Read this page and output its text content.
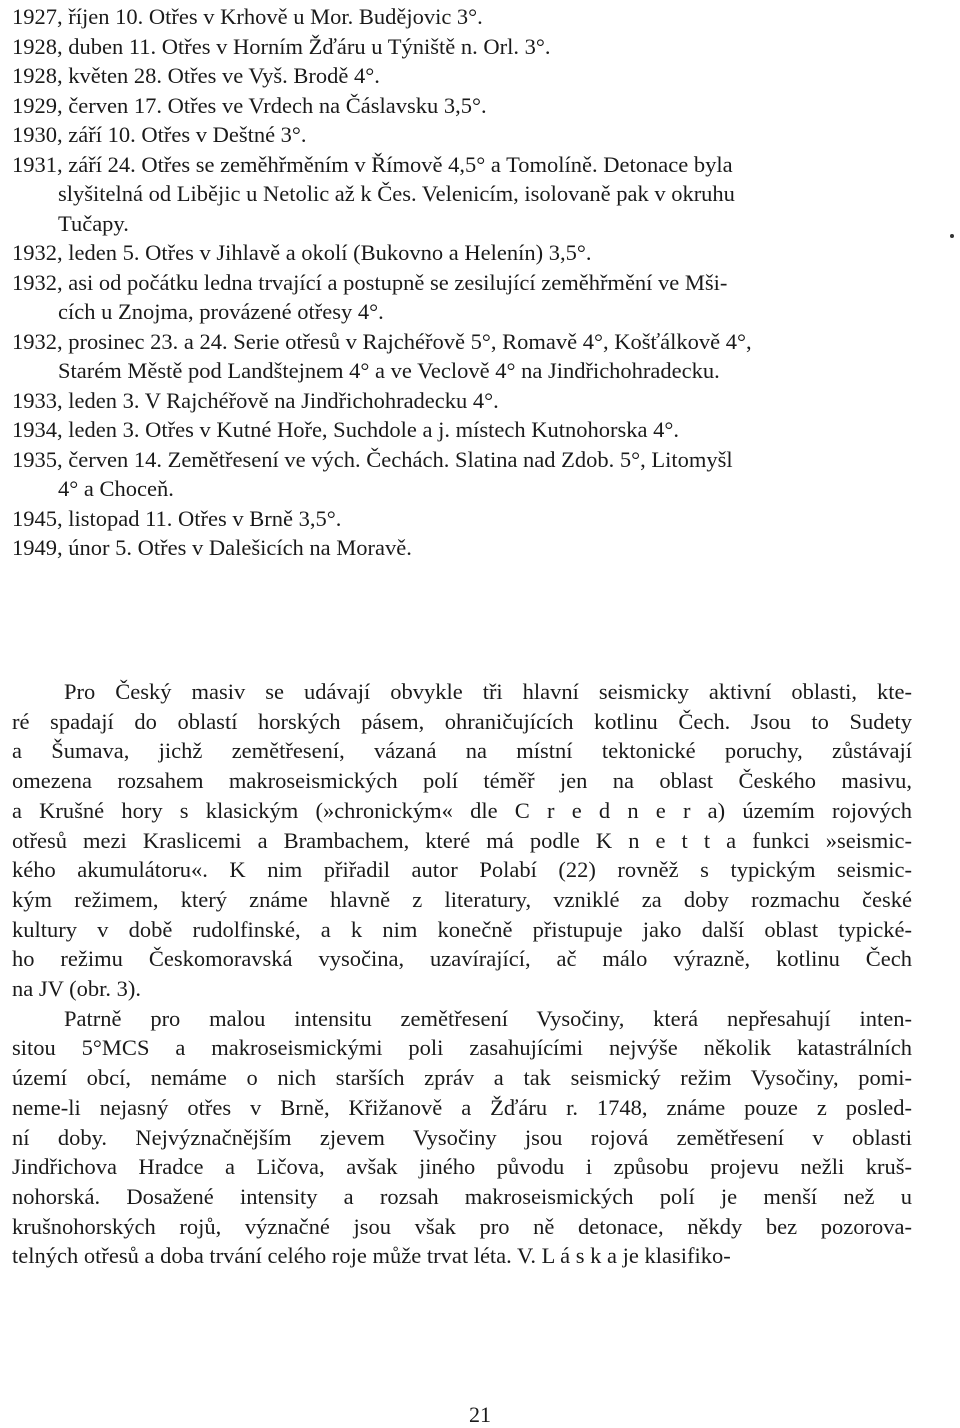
1927, říjen 10. Otřes v Krhově u Mor. Budějovic 3°.

1928, duben 11. Otřes v Horním Žďáru u Týniště n. Orl. 3°.

1928, květen 28. Otřes ve Vyš. Brodě 4°.

1929, červen 17. Otřes ve Vrdech na Čáslavsku 3,5°.

1930, září 10. Otřes v Deštné 3°.

1931, září 24. Otřes se zeměhřměním v Římově 4,5° a Tomolíně. Detonace byla
slyšitelná od Libějic u Netolic až k Čes. Velenicím, isolovaně pak v okruhu
Tučapy.

1932, leden 5. Otřes v Jihlavě a okolí (Bukovno a Helenín) 3,5°.

1932, asi od počátku ledna trvající a postupně se zesilující zeměhřmění ve Mši-
cích u Znojma, provázené otřesy 4°.

1932, prosinec 23. a 24. Serie otřesů v Rajchéřově 5°, Romavě 4°, Košťálkově 4°,
Starém Městě pod Landštejnem 4° a ve Veclově 4° na Jindřichohradecku.

1933, leden 3. V Rajchéřově na Jindřichohradecku 4°.

1934, leden 3. Otřes v Kutné Hoře, Suchdole a j. místech Kutnohorska 4°.

1935, červen 14. Zemětřesení ve vých. Čechách. Slatina nad Zdob. 5°, Litomyšl
4° a Choceň.

1945, listopad 11. Otřes v Brně 3,5°.

1949, únor 5. Otřes v Dalešicích na Moravě.

Pro Český masiv se udávají obvykle tři hlavní seismicky aktivní oblasti, kte-
ré spadají do oblastí horských pásem, ohraničujících kotlinu Čech. Jsou to Sudety
a Šumava, jichž zemětřesení, vázaná na místní tektonické poruchy, zůstávají
omezena rozsahem makroseismických polí téměř jen na oblast Českého masivu,
a Krušné hory s klasickým (»chronickým« dle C r e d n e r a) územím rojových
otřesů mezi Kraslicemi a Brambachem, které má podle K n e t t a funkci »seismic-
kého akumulátoru«. K nim přiřadil autor Polabí (22) rovněž s typickým seismic-
kým režimem, který známe hlavně z literatury, vzniklé za doby rozmachu české
kultury v době rudolfinské, a k nim konečně přistupuje jako další oblast typické-
ho režimu Českomoravská vysočina, uzavírající, ač málo výrazně, kotlinu Čech
na JV (obr. 3).

Patrně pro malou intensitu zemětřesení Vysočiny, která nepřesahují inten-
sitou 5°MCS a makroseismickými poli zasahujícími nejvýše několik katastrálních
území obcí, nemáme o nich starších zpráv a tak seismický režim Vysočiny, pomi-
neme-li nejasný otřes v Brně, Křižanově a Žďáru r. 1748, známe pouze z posled-
ní doby. Nejvýznačnějším zjevem Vysočiny jsou rojová zemětřesení v oblasti
Jindřichova Hradce a Ličova, avšak jiného původu i způsobu projevu nežli kruš-
nohorská. Dosažené intensity a rozsah makroseismických polí je menší než u
krušnohorských rojů, význačné jsou však pro ně detonace, někdy bez pozorova-
telných otřesů a doba trvání celého roje může trvat léta. V. L á s k a je klasifiko-

21
